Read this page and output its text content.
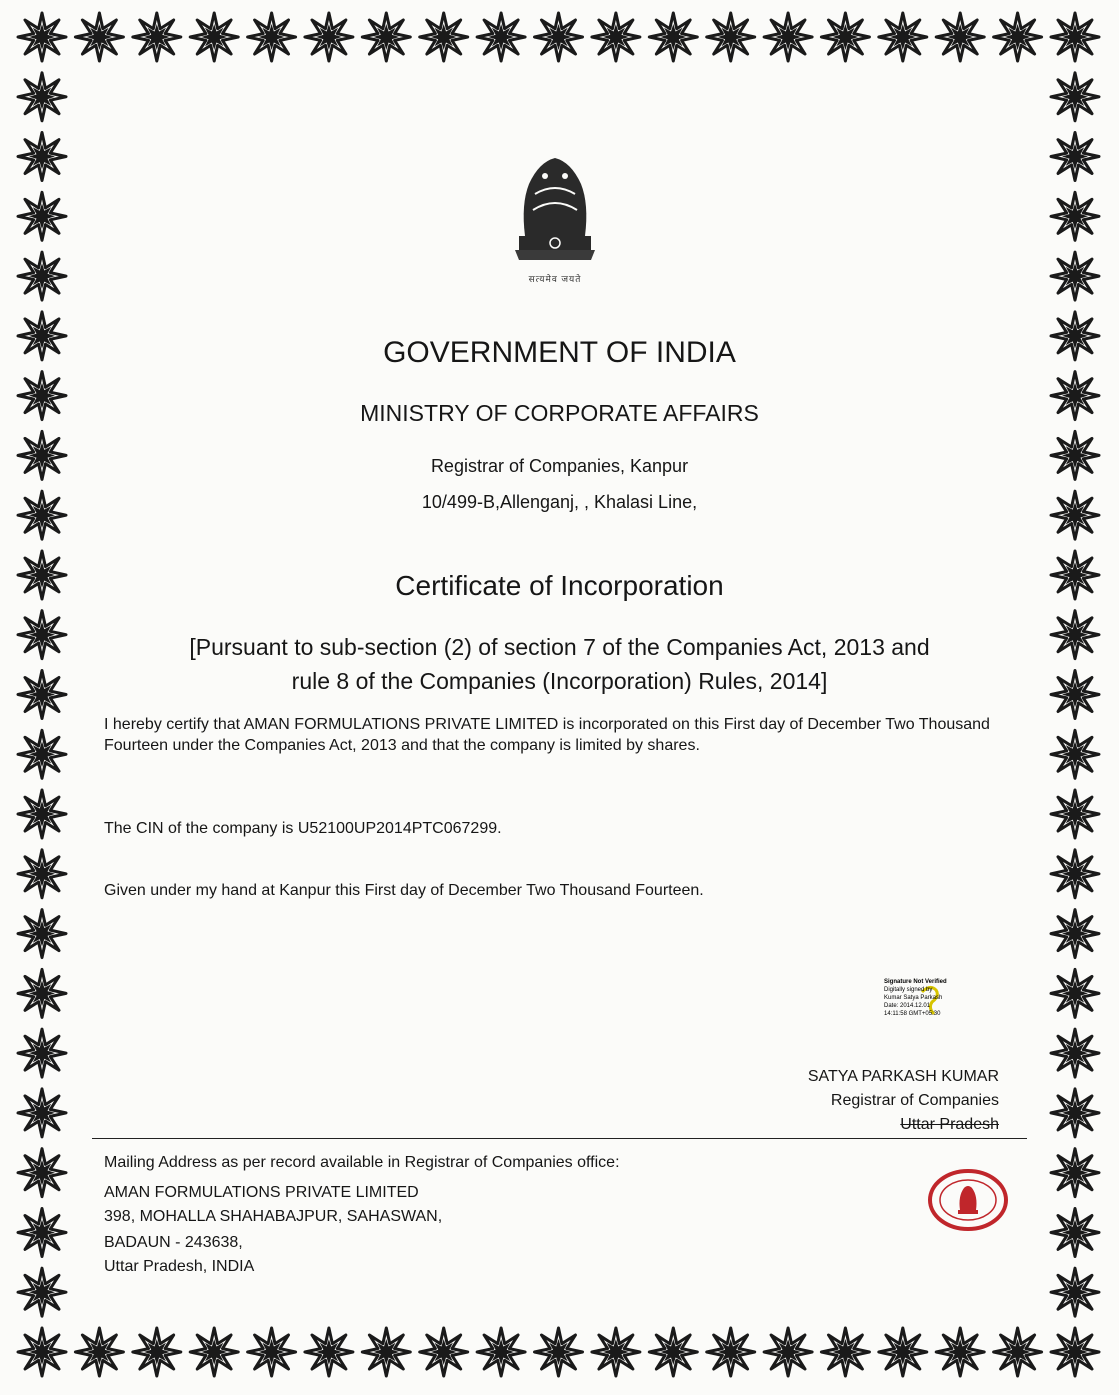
सत्यमेव जयते
GOVERNMENT OF INDIA
MINISTRY OF CORPORATE AFFAIRS
Registrar of Companies, Kanpur
10/499-B,Allenganj, , Khalasi Line,
Certificate of Incorporation
[Pursuant to sub-section (2) of section 7 of the Companies Act, 2013 and
rule 8 of the Companies (Incorporation) Rules, 2014]
I hereby certify that AMAN FORMULATIONS PRIVATE LIMITED is incorporated on this First day of December Two Thousand Fourteen under the Companies Act, 2013 and that the company is limited by shares.
The CIN of the company is U52100UP2014PTC067299.
Given under my hand at Kanpur this First day of December Two Thousand Fourteen.
Signature Not Verified
Digitally signed by
Kumar Satya Parkash
Date: 2014.12.01
14:11:58 GMT+05:30
SATYA PARKASH KUMAR
Registrar of Companies
Uttar Pradesh
Mailing Address as per record available in Registrar of Companies office:
AMAN FORMULATIONS PRIVATE LIMITED
398, MOHALLA SHAHABAJPUR, SAHASWAN,
BADAUN - 243638,
Uttar Pradesh, INDIA
